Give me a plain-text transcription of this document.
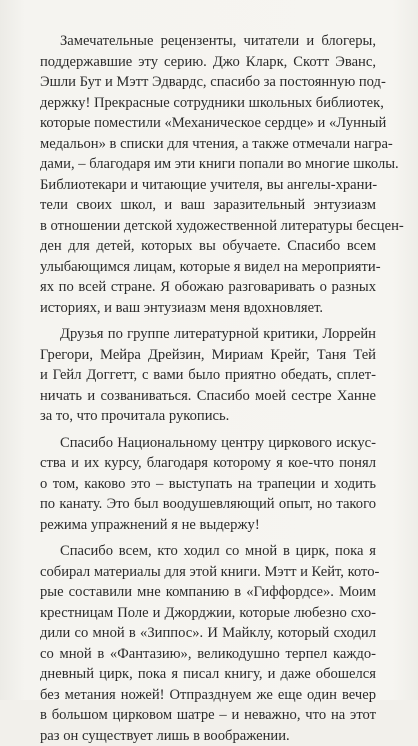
Замечательные рецензенты, читатели и блогеры,
поддержавшие эту серию. Джо Кларк, Скотт Эванс,
Эшли Бут и Мэтт Эдвардс, спасибо за постоянную под-
держку! Прекрасные сотрудники школьных библиотек,
которые поместили «Механическое сердце» и «Лунный
медальон» в списки для чтения, а также отмечали награ-
дами, – благодаря им эти книги попали во многие школы.
Библиотекари и читающие учителя, вы ангелы-храни-
тели своих школ, и ваш заразительный энтузиазм
в отношении детской художественной литературы бесцен-
ден для детей, которых вы обучаете. Спасибо всем
улыбающимся лицам, которые я видел на мероприяти-
ях по всей стране. Я обожаю разговаривать о разных
историях, и ваш энтузиазм меня вдохновляет.
Друзья по группе литературной критики, Лоррейн
Грегори, Мейра Дрейзин, Мириам Крейг, Таня Тей
и Гейл Доггетт, с вами было приятно обедать, сплет-
ничать и созваниваться. Спасибо моей сестре Ханне
за то, что прочитала рукопись.
Спасибо Национальному центру циркового искус-
ства и их курсу, благодаря которому я кое-что понял
о том, каково это – выступать на трапеции и ходить
по канату. Это был воодушевляющий опыт, но такого
режима упражнений я не выдержу!
Спасибо всем, кто ходил со мной в цирк, пока я
собирал материалы для этой книги. Мэтт и Кейт, кото-
рые составили мне компанию в «Гиффордсе». Моим
крестницам Поле и Джорджии, которые любезно схо-
дили со мной в «Зиппос». И Майклу, который сходил
со мной в «Фантазию», великодушно терпел каждо-
дневный цирк, пока я писал книгу, и даже обошелся
без метания ножей! Отпразднуем же еще один вечер
в большом цирковом шатре – и неважно, что на этот
раз он существует лишь в воображении.
